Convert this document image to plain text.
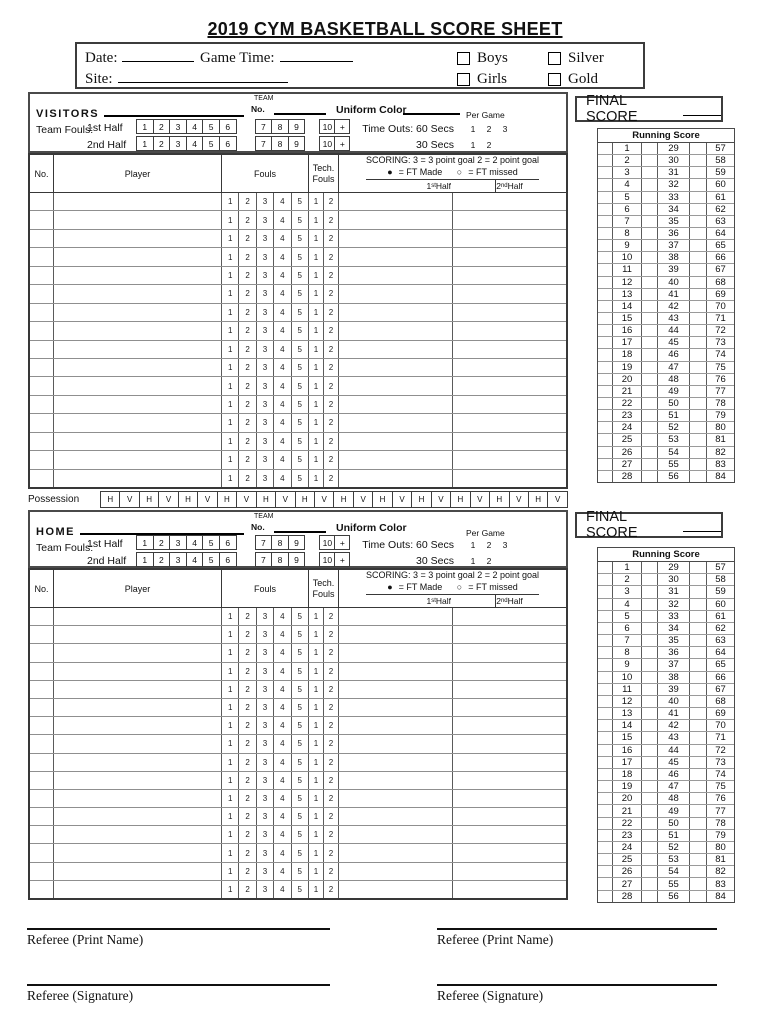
2019 CYM BASKETBALL SCORE SHEET
Date:	Game Time:
Site:
Boys
Girls
Silver
Gold
VISITORS
TEAM
No.	Uniform Color	Per Game
Team Fouls:
1st Half
2nd Half
1	2	3	4	5	6	7	8	9	10 +
1	2	3	4	5	6	7	8	9	10 +
Time Outs: 60 Secs
30 Secs
1 2 3
1 2
No.	Player	Fouls
Tech.
Fouls
SCORING: 3 = 3 point goal 2 = 2 point goal
● = FT Made
○ = FT missed
1 st Half	2 nd Half
1	2	3	4	5	1	2
1	2	3	4	5	1	2
1	2	3	4	5	1	2
1	2	3	4	5	1	2
1	2	3	4	5	1	2
1	2	3	4	5	1	2
1	2	3	4	5	1	2
1	2	3	4	5	1	2
1	2	3	4	5	1	2
1	2	3	4	5	1	2
1	2	3	4	5	1	2
1	2	3	4	5	1	2
1	2	3	4	5	1	2
1	2	3	4	5	1	2
1	2	3	4	5	1	2
1	2	3	4	5	1	2
Possession	H	V	H	V	H	V	H	V	H	V	H	V	H	V	H	V	H	V	H	V	H	V	H	V
HOME
TEAM
No.	Uniform Color	Per Game
Team Fouls:
1st Half
2nd Half
1	2	3	4	5	6	7	8	9	10 +
1	2	3	4	5	6	7	8	9	10 +
Time Outs: 60 Secs
30 Secs
1 2 3
1 2
No.	Player	Fouls
Tech.
Fouls
SCORING: 3 = 3 point goal 2 = 2 point goal
● = FT Made
○ = FT missed
1 st Half	2 nd Half
1	2	3	4	5	1	2
1	2	3	4	5	1	2
1	2	3	4	5	1	2
1	2	3	4	5	1	2
1	2	3	4	5	1	2
1	2	3	4	5	1	2
1	2	3	4	5	1	2
1	2	3	4	5	1	2
1	2	3	4	5	1	2
1	2	3	4	5	1	2
1	2	3	4	5	1	2
1	2	3	4	5	1	2
1	2	3	4	5	1	2
1	2	3	4	5	1	2
1	2	3	4	5	1	2
1	2	3	4	5	1	2
FINAL SCORE
FINAL SCORE
Running Score
1	29	57
2	30	58
3	31	59
4	32	60
5	33	61
6	34	62
7	35	63
8	36	64
9	37	65
10	38	66
11	39	67
12	40	68
13	41	69
14	42	70
15	43	71
16	44	72
17	45	73
18	46	74
19	47	75
20	48	76
21	49	77
22	50	78
23	51	79
24	52	80
25	53	81
26	54	82
27	55	83
28	56	84
Running Score
1	29	57
2	30	58
3	31	59
4	32	60
5	33	61
6	34	62
7	35	63
8	36	64
9	37	65
10	38	66
11	39	67
12	40	68
13	41	69
14	42	70
15	43	71
16	44	72
17	45	73
18	46	74
19	47	75
20	48	76
21	49	77
22	50	78
23	51	79
24	52	80
25	53	81
26	54	82
27	55	83
28	56	84
Referee (Print Name)	Referee (Print Name)
Referee (Signature)	Referee (Signature)
